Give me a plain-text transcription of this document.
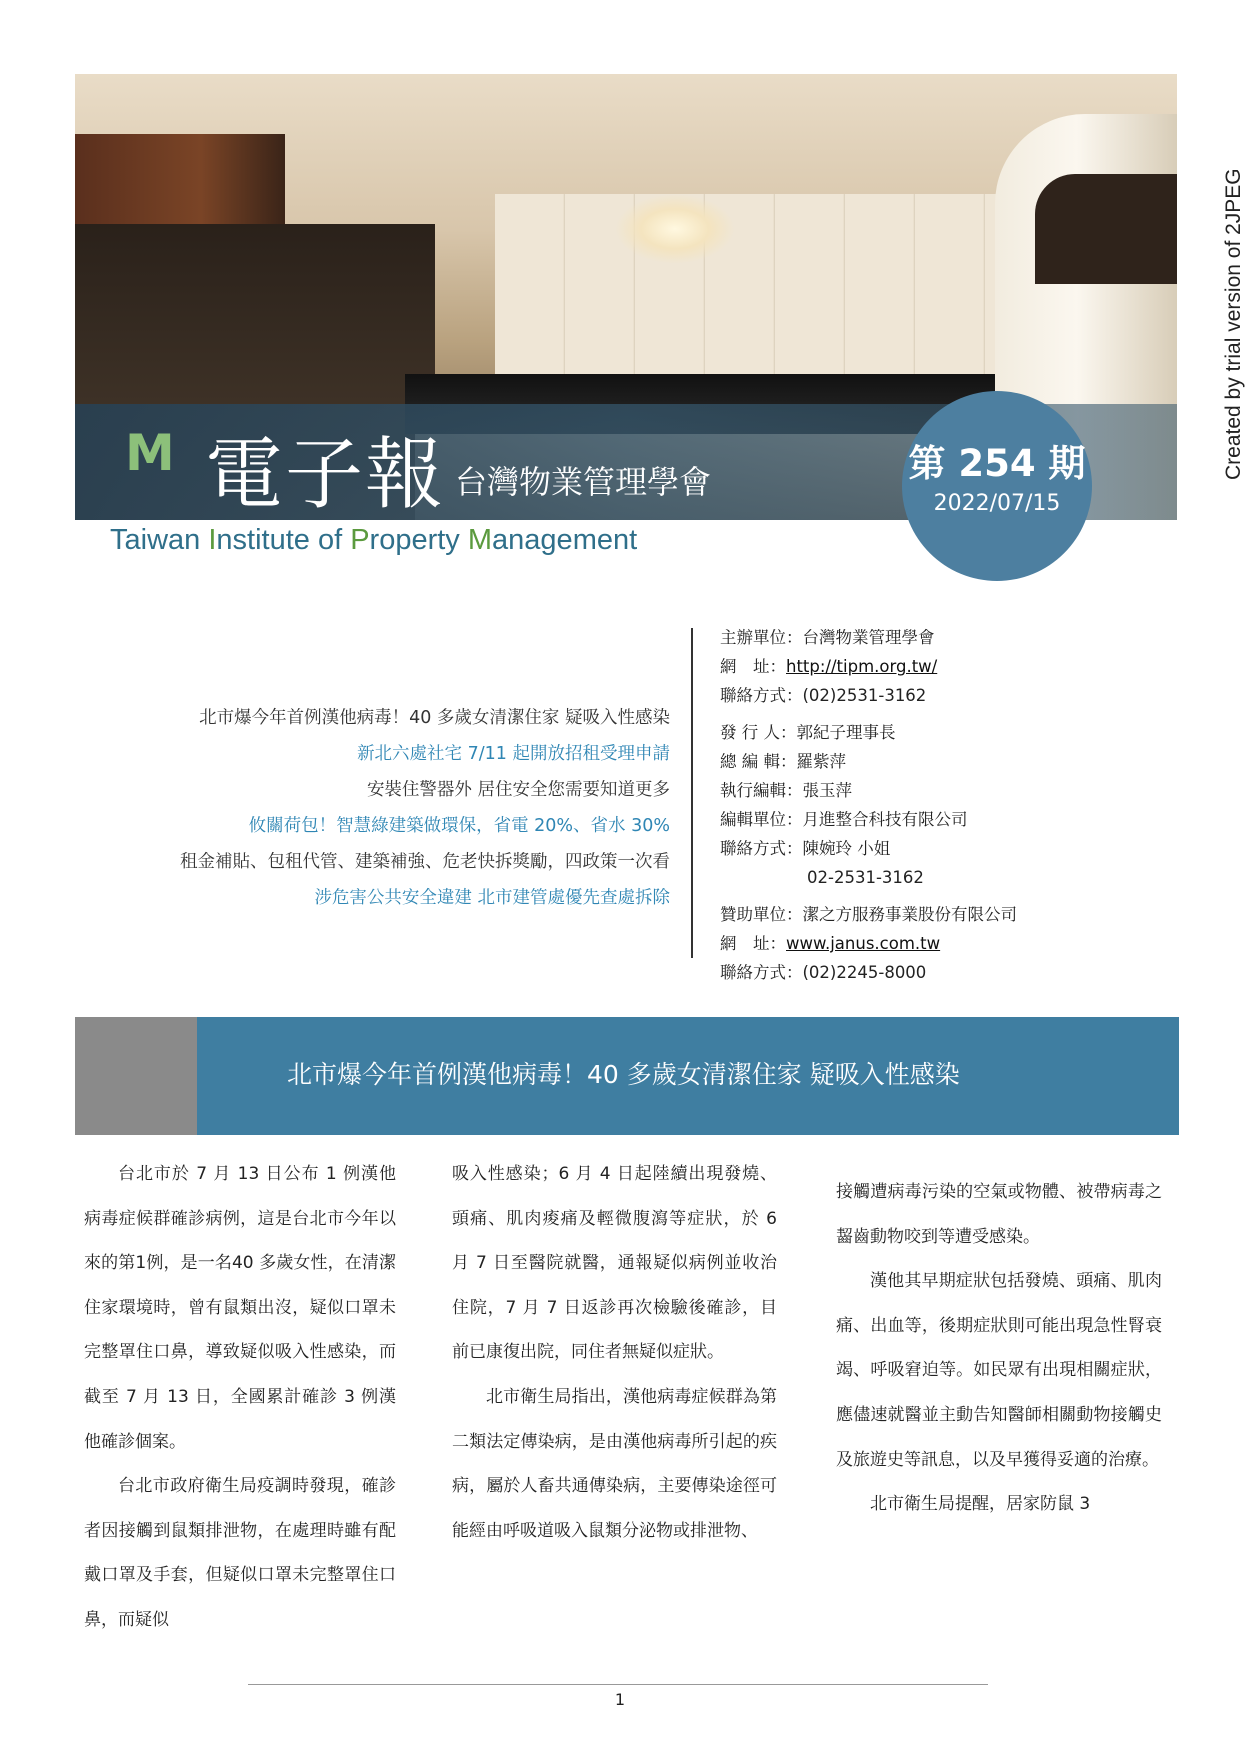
M 電子報 台灣物業管理學會	第 254 期
2022/07/15
Taiwan Institute of Property Management
北市爆今年首例漢他病毒！40 多歲女清潔住家 疑吸入性感染
新北六處社宅 7/11 起開放招租受理申請
安裝住警器外 居住安全您需要知道更多
攸關荷包！智慧綠建築做環保，省電 20%、省水 30%
租金補貼、包租代管、建築補強、危老快拆獎勵，四政策一次看
涉危害公共安全違建 北市建管處優先查處拆除
主辦單位：台灣物業管理學會
網　址：http://tipm.org.tw/
聯絡方式：(02)2531-3162
發 行 人：郭紀子理事長
總 編 輯：羅紫萍
執行編輯：張玉萍
編輯單位：月進整合科技有限公司
聯絡方式：陳婉玲 小姐
02-2531-3162
贊助單位：潔之方服務事業股份有限公司
網　址：www.janus.com.tw
聯絡方式：(02)2245-8000
北市爆今年首例漢他病毒！40 多歲女清潔住家 疑吸入性感染

台北市於 7 月 13 日公布 1 例漢他病毒症候群確診病例，這是台北市今年以來的第1例，是一名40 多歲女性，在清潔住家環境時，曾有鼠類出沒，疑似口罩未完整罩住口鼻，導致疑似吸入性感染，而截至 7 月 13 日，全國累計確診 3 例漢他確診個案。

台北市政府衛生局疫調時發現，確診者因接觸到鼠類排泄物，在處理時雖有配戴口罩及手套，但疑似口罩未完整罩住口鼻，而疑似

吸入性感染；6 月 4 日起陸續出現發燒、頭痛、肌肉痠痛及輕微腹瀉等症狀，於 6 月 7 日至醫院就醫，通報疑似病例並收治住院，7 月 7 日返診再次檢驗後確診，目前已康復出院，同住者無疑似症狀。

北市衛生局指出，漢他病毒症候群為第二類法定傳染病，是由漢他病毒所引起的疾病，屬於人畜共通傳染病，主要傳染途徑可能經由呼吸道吸入鼠類分泌物或排泄物、

接觸遭病毒污染的空氣或物體、被帶病毒之齧齒動物咬到等遭受感染。

漢他其早期症狀包括發燒、頭痛、肌肉痛、出血等，後期症狀則可能出現急性腎衰竭、呼吸窘迫等。如民眾有出現相關症狀，應儘速就醫並主動告知醫師相關動物接觸史及旅遊史等訊息，以及早獲得妥適的治療。

北市衛生局提醒，居家防鼠 3

1
Created by trial version of 2JPEG
